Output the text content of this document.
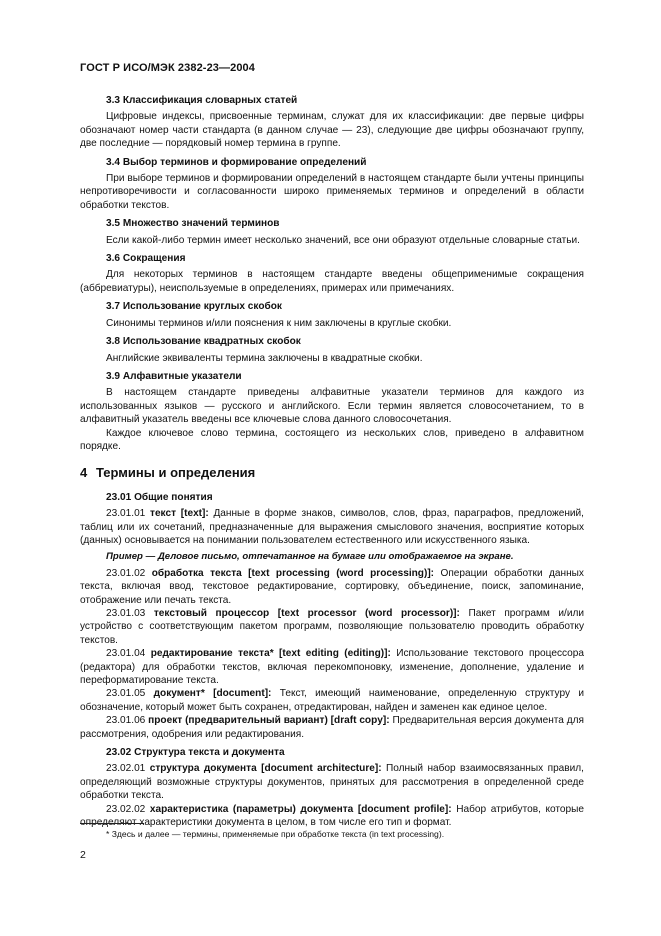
ГОСТ Р ИСО/МЭК 2382-23—2004

3.3 Классификация словарных статей

Цифровые индексы, присвоенные терминам, служат для их классификации: две первые цифры обозначают номер части стандарта (в данном случае — 23), следующие две цифры обозначают группу, две последние — порядковый номер термина в группе.

3.4 Выбор терминов и формирование определений

При выборе терминов и формировании определений в настоящем стандарте были учтены принципы непротиворечивости и согласованности широко применяемых терминов и определений в области обработки текстов.

3.5 Множество значений терминов

Если какой-либо термин имеет несколько значений, все они образуют отдельные словарные статьи.

3.6 Сокращения

Для некоторых терминов в настоящем стандарте введены общеприменимые сокращения (аббревиатуры), неиспользуемые в определениях, примерах или примечаниях.

3.7 Использование круглых скобок

Синонимы терминов и/или пояснения к ним заключены в круглые скобки.

3.8 Использование квадратных скобок

Английские эквиваленты термина заключены в квадратные скобки.

3.9 Алфавитные указатели

В настоящем стандарте приведены алфавитные указатели терминов для каждого из использованных языков — русского и английского. Если термин является словосочетанием, то в алфавитный указатель введены все ключевые слова данного словосочетания.

Каждое ключевое слово термина, состоящего из нескольких слов, приведено в алфавитном порядке.

4 Термины и определения

23.01 Общие понятия

23.01.01 текст [text]: Данные в форме знаков, символов, слов, фраз, параграфов, предложений, таблиц или их сочетаний, предназначенные для выражения смыслового значения, восприятие которых (данных) основывается на понимании пользователем естественного или искусственного языка.

Пример — Деловое письмо, отпечатанное на бумаге или отображаемое на экране.

23.01.02 обработка текста [text processing (word processing)]: Операции обработки данных текста, включая ввод, текстовое редактирование, сортировку, объединение, поиск, запоминание, отображение или печать текста.

23.01.03 текстовый процессор [text processor (word processor)]: Пакет программ и/или устройство с соответствующим пакетом программ, позволяющие пользователю проводить обработку текстов.

23.01.04 редактирование текста* [text editing (editing)]: Использование текстового процессора (редактора) для обработки текстов, включая перекомпоновку, изменение, дополнение, удаление и переформатирование текста.

23.01.05 документ* [document]: Текст, имеющий наименование, определенную структуру и обозначение, который может быть сохранен, отредактирован, найден и заменен как единое целое.

23.01.06 проект (предварительный вариант) [draft copy]: Предварительная версия документа для рассмотрения, одобрения или редактирования.

23.02 Структура текста и документа

23.02.01 структура документа [document architecture]: Полный набор взаимосвязанных правил, определяющий возможные структуры документов, принятых для рассмотрения в определенной среде обработки текста.

23.02.02 характеристика (параметры) документа [document profile]: Набор атрибутов, которые определяют характеристики документа в целом, в том числе его тип и формат.

* Здесь и далее — термины, применяемые при обработке текста (in text processing).
2
